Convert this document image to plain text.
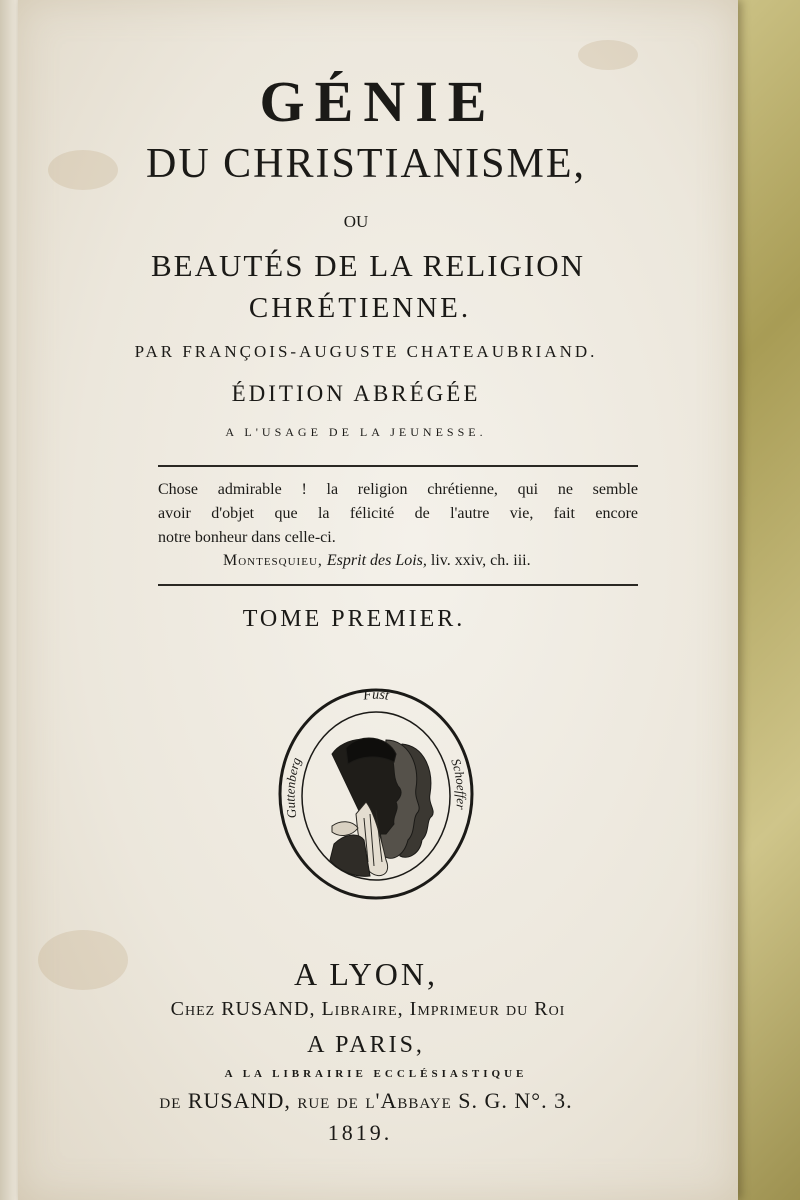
GÉNIE
DU CHRISTIANISME,
OU
BEAUTÉS DE LA RELIGION
CHRÉTIENNE.
PAR FRANÇOIS-AUGUSTE CHATEAUBRIAND.
ÉDITION ABRÉGÉE
A L'USAGE DE LA JEUNESSE.

Chose admirable ! la religion chrétienne, qui ne semble

avoir d'objet que la félicité de l'autre vie, fait encore

notre bonheur dans celle-ci.

Montesquieu, Esprit des Lois, liv. xxiv, ch. iii.
TOME PREMIER.
Fust
Guttenberg	Schoeffer
A LYON,
Chez RUSAND, Libraire, Imprimeur du Roi
A PARIS,
A LA LIBRAIRIE ECCLÉSIASTIQUE
de RUSAND, rue de l'Abbaye S. G. N°. 3.
1819.
